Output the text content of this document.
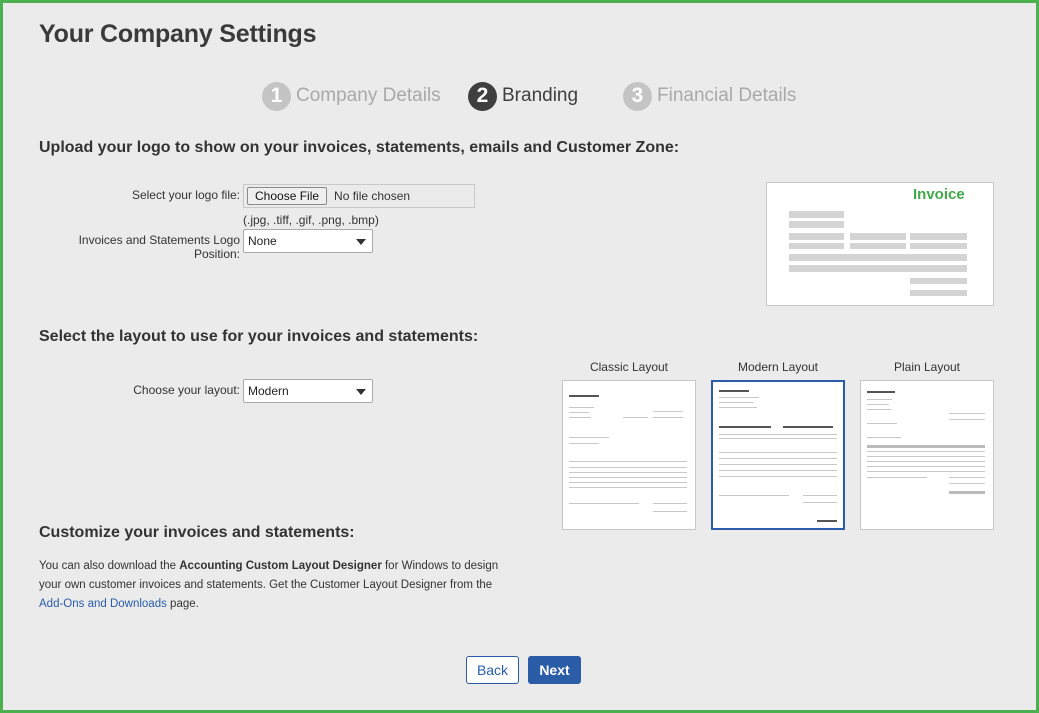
Your Company Settings
1 Company Details	2 Branding	3 Financial Details
Upload your logo to show on your invoices, statements, emails and Customer Zone:
Select your logo file:	Choose File	No file chosen
(.jpg, .tiff, .gif, .png, .bmp)
Invoices and Statements Logo Position:
None
Invoice
Select the layout to use for your invoices and statements:
Choose your layout: Modern
Classic Layout	Modern Layout	Plain Layout
Customize your invoices and statements:

You can also download the Accounting Custom Layout Designer for Windows to design your own customer invoices and statements. Get the Customer Layout Designer from the Add-Ons and Downloads page.

Back	Next
